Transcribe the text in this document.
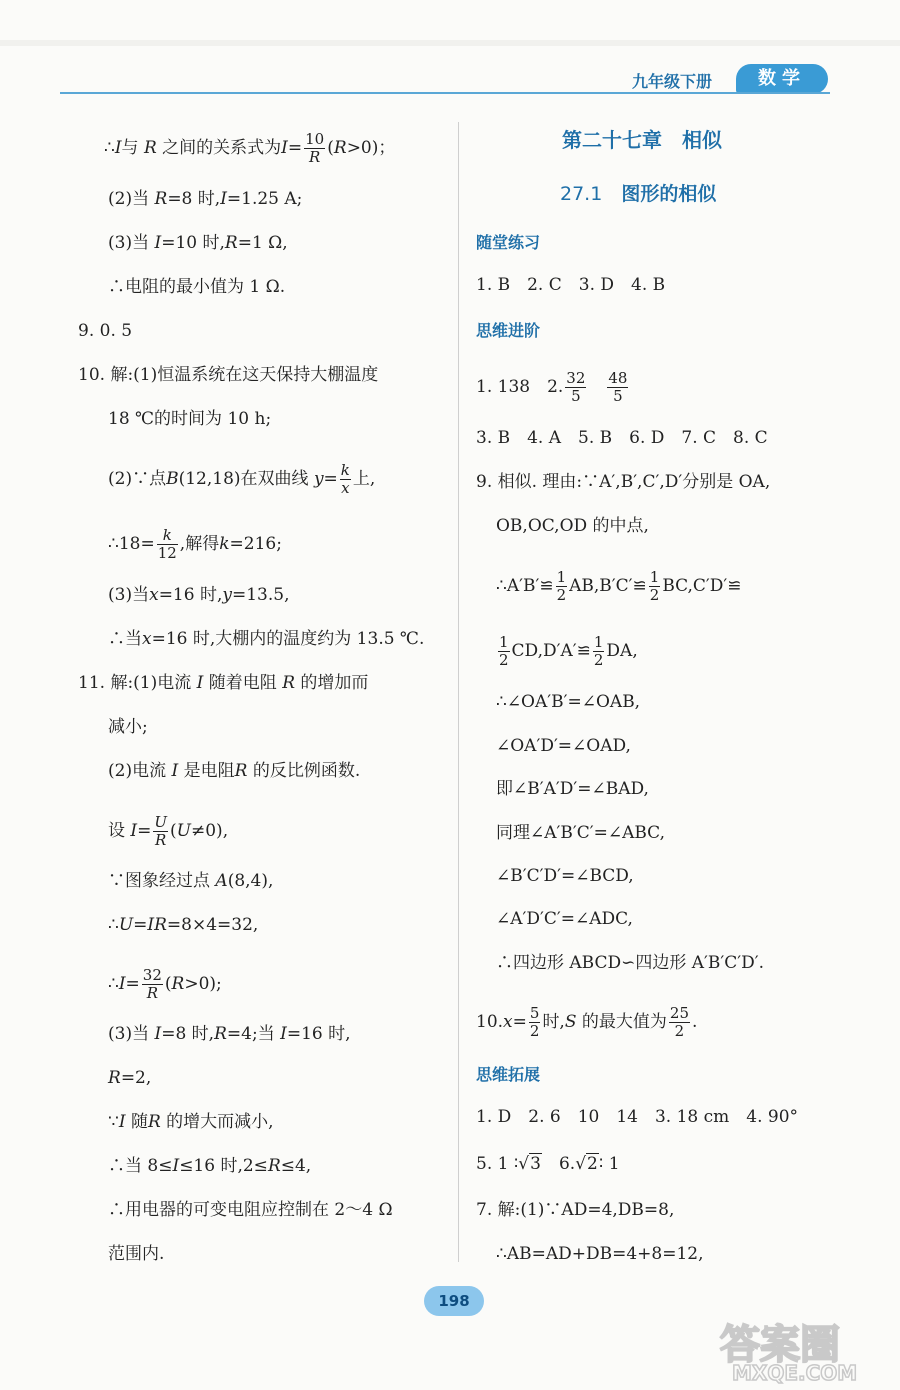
九年级下册	数学
∴I与 R 之间的关系式为$I= \frac{10}{R} (R>0)$；
(2)当 R=8 时,I=1.25 A;
(3)当 I=10 时,R=1 Ω,
∴电阻的最小值为 1 Ω.
9. 0. 5
10. 解:(1)恒温系统在这天保持大棚温度
18 ℃的时间为 10 h;
(2)∵点B(12,18)在双曲线 $y= \frac{k}{x}$ 上,
∴18= $\frac{k}{12}$ ,解得k=216;
(3)当x=16 时,y=13.5,
∴当x=16 时,大棚内的温度约为 13.5 ℃.
11. 解:(1)电流 I 随着电阻 R 的增加而
减小;
(2)电流 I 是电阻R 的反比例函数.
设 $I= \frac{U}{R} (U\ne 0)$,
∵图象经过点 A(8,4),
∴U=IR=8×4=32,
∴I= $\frac{32}{R} (R>0)$;
(3)当 I=8 时,R=4;当 I=16 时,
R=2,
∵I 随R 的增大而减小,
∴当 8≤I≤16 时,2≤R≤4,
∴用电器的可变电阻应控制在 2～4 Ω
范围内.
第二十七章　相似
27.1　 图形的相似
随堂练习
1. B　2. C　3. D　4. B
思维进阶
1. 138　2. $\frac{32}{5}$
　 $\frac{48}{5}$
3. B　4. A　5. B　6. D　7. C　8. C
9. 相似. 理由:∵A′,B′,C′,D′分别是 OA,
OB,OC,OD 的中点,
∴A′B′≌ $\frac{1}{2}$ AB,B′C′≌ $\frac{1}{2}$ BC,C′D′≌
$\frac{1}{2}$ CD,D′A′≌ $\frac{1}{2}$ DA,
∴∠OA′B′=∠OAB,
∠OA′D′=∠OAD,
即∠B′A′D′=∠BAD,
同理∠A′B′C′=∠ABC,
∠B′C′D′=∠BCD,
∠A′D′C′=∠ADC,
∴四边形 ABCD∽四边形 A′B′C′D′.
$10.x= \frac{5}{2}$ 时,S 的最大值为 $\frac{25}{2}$ .
思维拓展
1. D　2. 6　10　14　3. 18 cm　4. 90°
5. 1 ∶√3　6.√2∶ 1
7. 解:(1)∵AD=4,DB=8,
∴AB=AD+DB=4+8=12,
198
答案圈
MXQE.COM
